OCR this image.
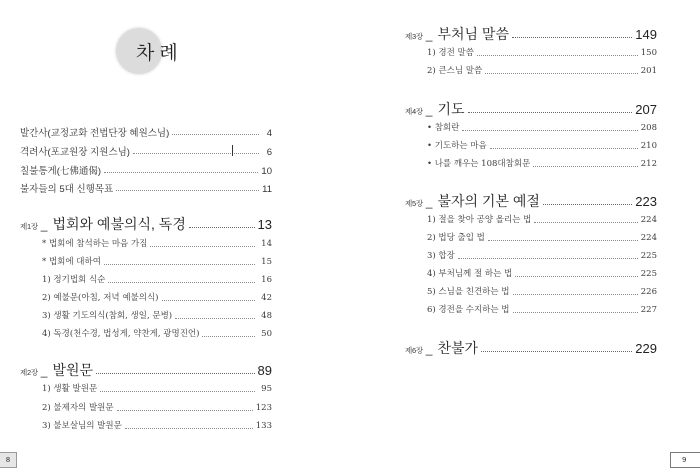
차례
발간사(교정교화 전법단장 혜원스님)	4
격려사(포교원장 지원스님)	6
칠불통게(七佛通偈)	10
불자들의 5대 신행목표	11
제1장 _ 법회와 예불의식, 독경	13
* 법회에 참석하는 마음 가짐	14
* 법회에 대하여	15
1) 정기법회 식순	16
2) 예불문(아침, 저녁 예불의식)	42
3) 생활 기도의식(참회, 생일, 문병)	48
4) 독경(천수경, 법성게, 약찬게, 광명진언)	50
제2장 _ 발원문	89
1) 생활 발원문	95
2) 불제자의 발원문	123
3) 불보살님의 발원문	133
8
제3장 _ 부처님 말씀	149
1) 경전 말씀	150
2) 큰스님 말씀	201
제4장 _ 기도	207
• 참회란	208
• 기도하는 마음	210
• 나를 깨우는 108대참회문	212
제5장 _ 불자의 기본 예절	223
1) 절을 찾아 공양 올리는 법	224
2) 법당 출입 법	224
3) 합장	225
4) 부처님께 절 하는 법	225
5) 스님을 친견하는 법	226
6) 경전을 수지하는 법	227
제6장 _ 찬불가	229
9
